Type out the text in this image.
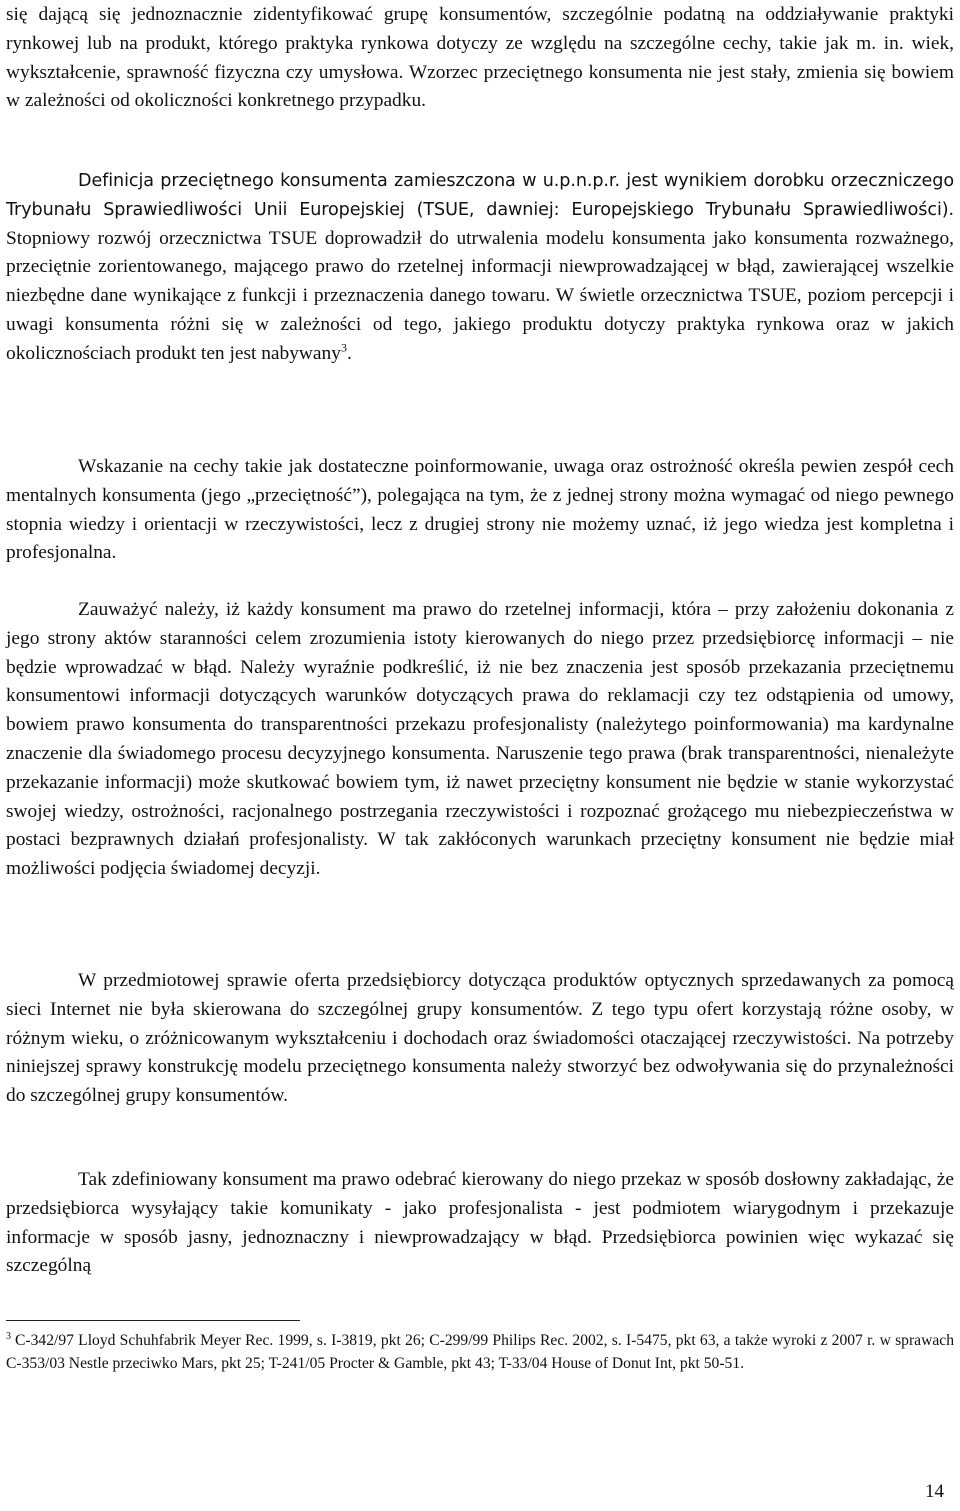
się dającą się jednoznacznie zidentyfikować grupę konsumentów, szczególnie podatną na oddziaływanie praktyki rynkowej lub na produkt, którego praktyka rynkowa dotyczy ze względu na szczególne cechy, takie jak m. in. wiek, wykształcenie, sprawność fizyczna czy umysłowa. Wzorzec przeciętnego konsumenta nie jest stały, zmienia się bowiem w zależności od okoliczności konkretnego przypadku.

Definicja przeciętnego konsumenta zamieszczona w u.p.n.p.r. jest wynikiem dorobku orzeczniczego Trybunału Sprawiedliwości Unii Europejskiej (TSUE, dawniej: Europejskiego Trybunału Sprawiedliwości). Stopniowy rozwój orzecznictwa TSUE doprowadził do utrwalenia modelu konsumenta jako konsumenta rozważnego, przeciętnie zorientowanego, mającego prawo do rzetelnej informacji niewprowadzającej w błąd, zawierającej wszelkie niezbędne dane wynikające z funkcji i przeznaczenia danego towaru. W świetle orzecznictwa TSUE, poziom percepcji i uwagi konsumenta różni się w zależności od tego, jakiego produktu dotyczy praktyka rynkowa oraz w jakich okolicznościach produkt ten jest nabywany$^3$.

Wskazanie na cechy takie jak dostateczne poinformowanie, uwaga oraz ostrożność określa pewien zespół cech mentalnych konsumenta (jego „przeciętność”), polegająca na tym, że z jednej strony można wymagać od niego pewnego stopnia wiedzy i orientacji w rzeczywistości, lecz z drugiej strony nie możemy uznać, iż jego wiedza jest kompletna i profesjonalna.

Zauważyć należy, iż każdy konsument ma prawo do rzetelnej informacji, która – przy założeniu dokonania z jego strony aktów staranności celem zrozumienia istoty kierowanych do niego przez przedsiębiorcę informacji – nie będzie wprowadzać w błąd. Należy wyraźnie podkreślić, iż nie bez znaczenia jest sposób przekazania przeciętnemu konsumentowi informacji dotyczących warunków dotyczących prawa do reklamacji czy tez odstąpienia od umowy, bowiem prawo konsumenta do transparentności przekazu profesjonalisty (należytego poinformowania) ma kardynalne znaczenie dla świadomego procesu decyzyjnego konsumenta. Naruszenie tego prawa (brak transparentności, nienależyte przekazanie informacji) może skutkować bowiem tym, iż nawet przeciętny konsument nie będzie w stanie wykorzystać swojej wiedzy, ostrożności, racjonalnego postrzegania rzeczywistości i rozpoznać grożącego mu niebezpieczeństwa w postaci bezprawnych działań profesjonalisty. W tak zakłóconych warunkach przeciętny konsument nie będzie miał możliwości podjęcia świadomej decyzji.

W przedmiotowej sprawie oferta przedsiębiorcy dotycząca produktów optycznych sprzedawanych za pomocą sieci Internet nie była skierowana do szczególnej grupy konsumentów. Z tego typu ofert korzystają różne osoby, w różnym wieku, o zróżnicowanym wykształceniu i dochodach oraz świadomości otaczającej rzeczywistości. Na potrzeby niniejszej sprawy konstrukcję modelu przeciętnego konsumenta należy stworzyć bez odwoływania się do przynależności do szczególnej grupy konsumentów.

Tak zdefiniowany konsument ma prawo odebrać kierowany do niego przekaz w sposób dosłowny zakładając, że przedsiębiorca wysyłający takie komunikaty - jako profesjonalista - jest podmiotem wiarygodnym i przekazuje informacje w sposób jasny, jednoznaczny i niewprowadzający w błąd. Przedsiębiorca powinien więc wykazać się szczególną

$^3$ C-342/97 Lloyd Schuhfabrik Meyer Rec. 1999, s. I-3819, pkt 26; C-299/99 Philips Rec. 2002, s. I-5475, pkt 63, a także wyroki z 2007 r. w sprawach C-353/03 Nestle przeciwko Mars, pkt 25; T-241/05 Procter & Gamble, pkt 43; T-33/04 House of Donut Int, pkt 50-51.
14
